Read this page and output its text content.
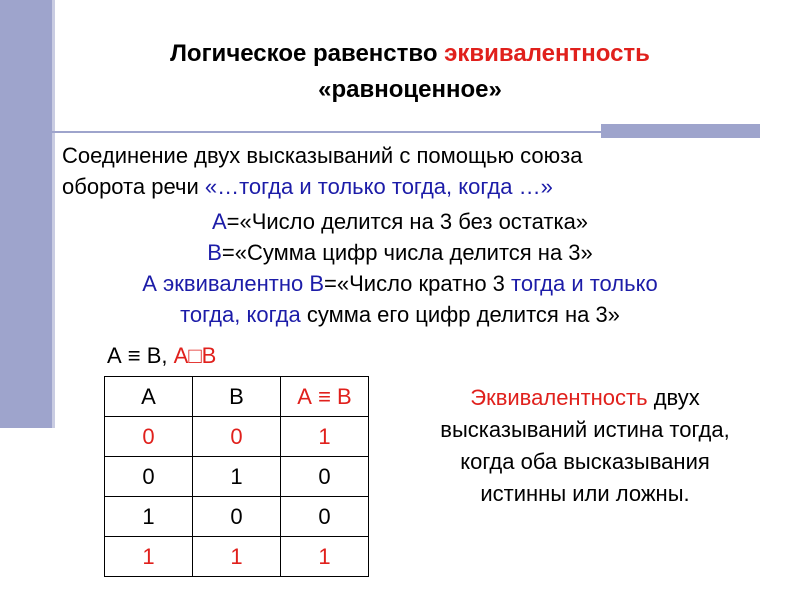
Логическое равенство эквивалентность
«равноценное»
Соединение двух высказываний с помощью союза
оборота речи «…тогда и только тогда, когда …»
А=«Число делится на 3 без остатка»
В=«Сумма цифр числа делится на 3»
А эквивалентно В=«Число кратно 3 тогда и только
тогда, когда сумма его цифр делится на 3»
А ≡ В, А□В
А	В	А ≡ В
0	0	1
0	1	0
1	0	0
1	1	1
Эквивалентность двух
высказываний истина тогда,
когда оба высказывания
истинны или ложны.
